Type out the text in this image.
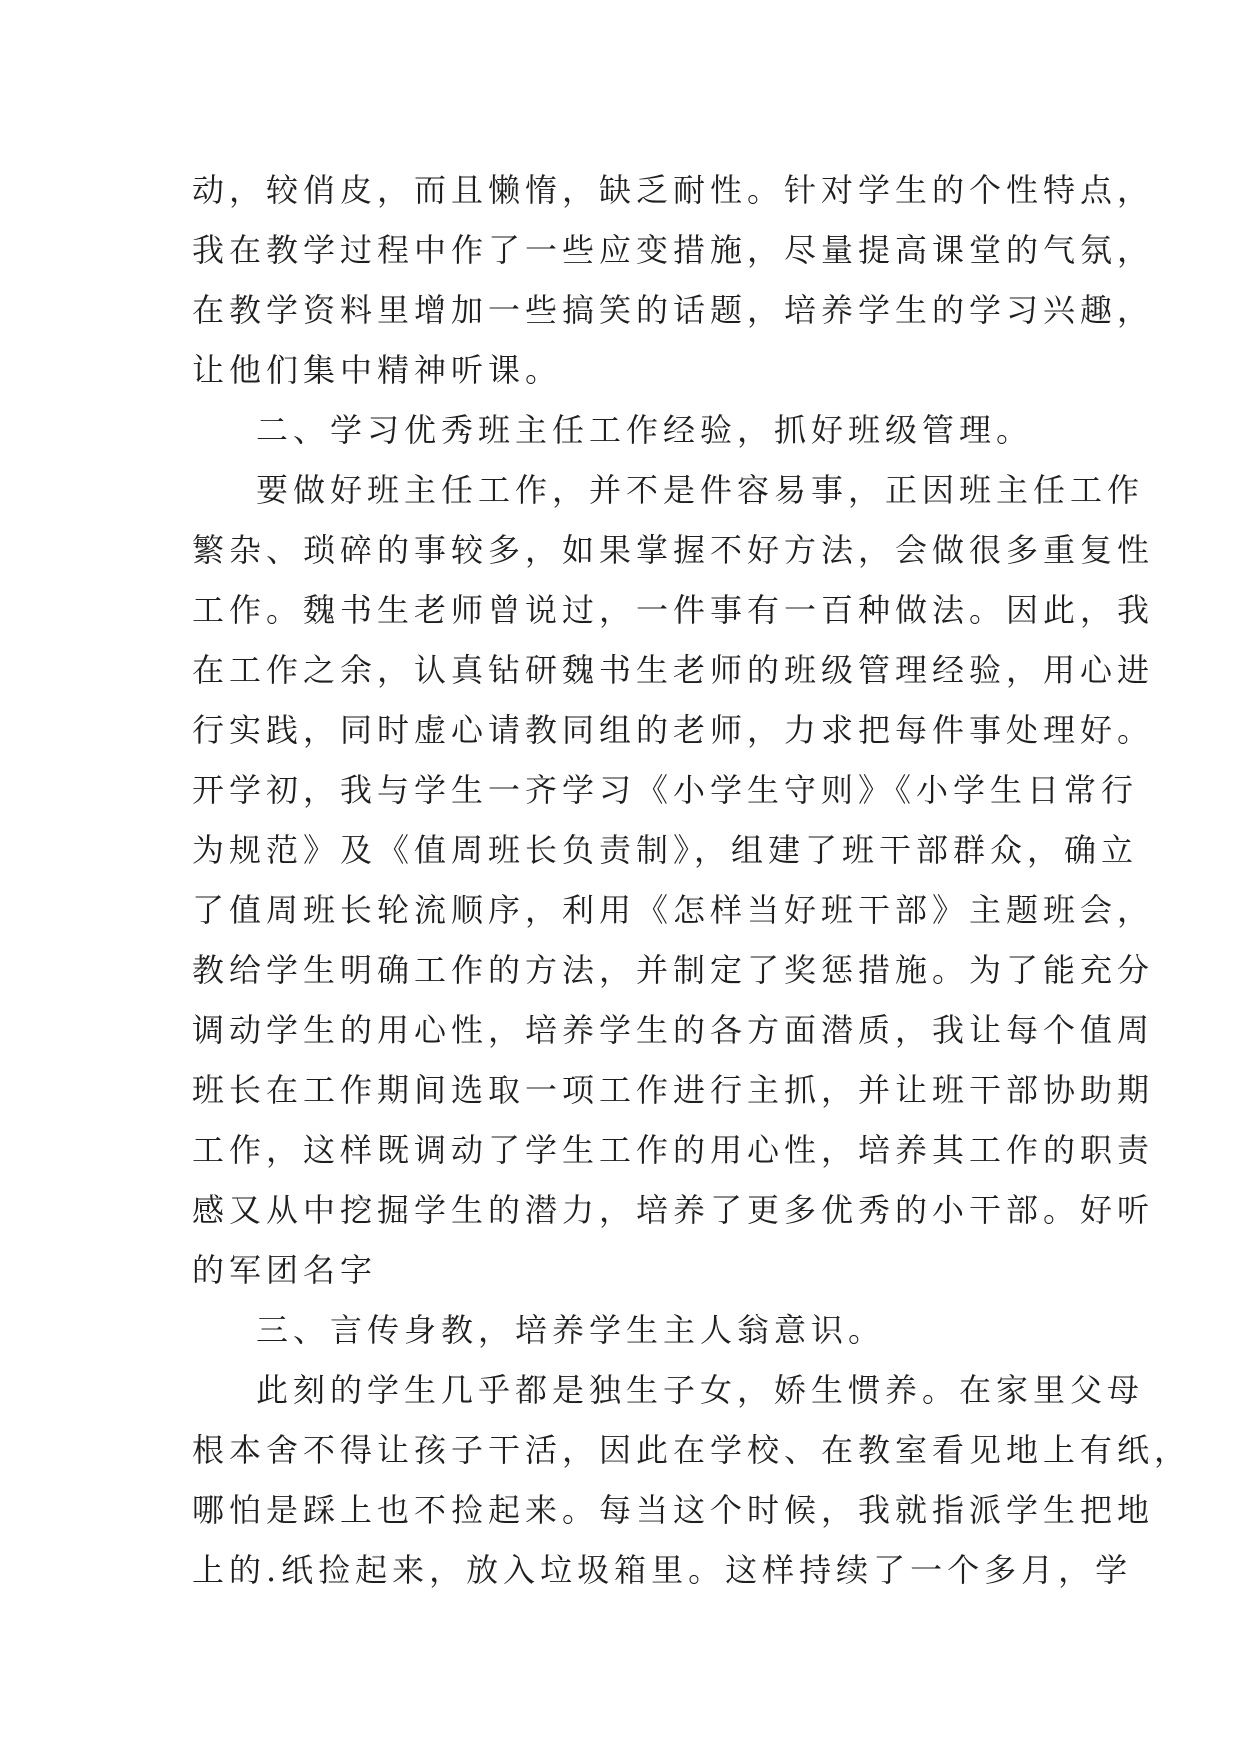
动，较俏皮，而且懒惰，缺乏耐性。针对学生的个性特点，
我在教学过程中作了一些应变措施，尽量提高课堂的气氛，
在教学资料里增加一些搞笑的话题，培养学生的学习兴趣，
让他们集中精神听课。
二、学习优秀班主任工作经验，抓好班级管理。
要做好班主任工作，并不是件容易事，正因班主任工作
繁杂、琐碎的事较多，如果掌握不好方法，会做很多重复性
工作。魏书生老师曾说过，一件事有一百种做法。因此，我
在工作之余，认真钻研魏书生老师的班级管理经验，用心进
行实践，同时虚心请教同组的老师，力求把每件事处理好。
开学初，我与学生一齐学习《小学生守则》《小学生日常行
为规范》及《值周班长负责制》，组建了班干部群众，确立
了值周班长轮流顺序，利用《怎样当好班干部》主题班会，
教给学生明确工作的方法，并制定了奖惩措施。为了能充分
调动学生的用心性，培养学生的各方面潜质，我让每个值周
班长在工作期间选取一项工作进行主抓，并让班干部协助期
工作，这样既调动了学生工作的用心性，培养其工作的职责
感又从中挖掘学生的潜力，培养了更多优秀的小干部。好听
的军团名字
三、言传身教，培养学生主人翁意识。
此刻的学生几乎都是独生子女，娇生惯养。在家里父母
根本舍不得让孩子干活，因此在学校、在教室看见地上有纸，
哪怕是踩上也不捡起来。每当这个时候，我就指派学生把地
上的.纸捡起来，放入垃圾箱里。这样持续了一个多月，学
